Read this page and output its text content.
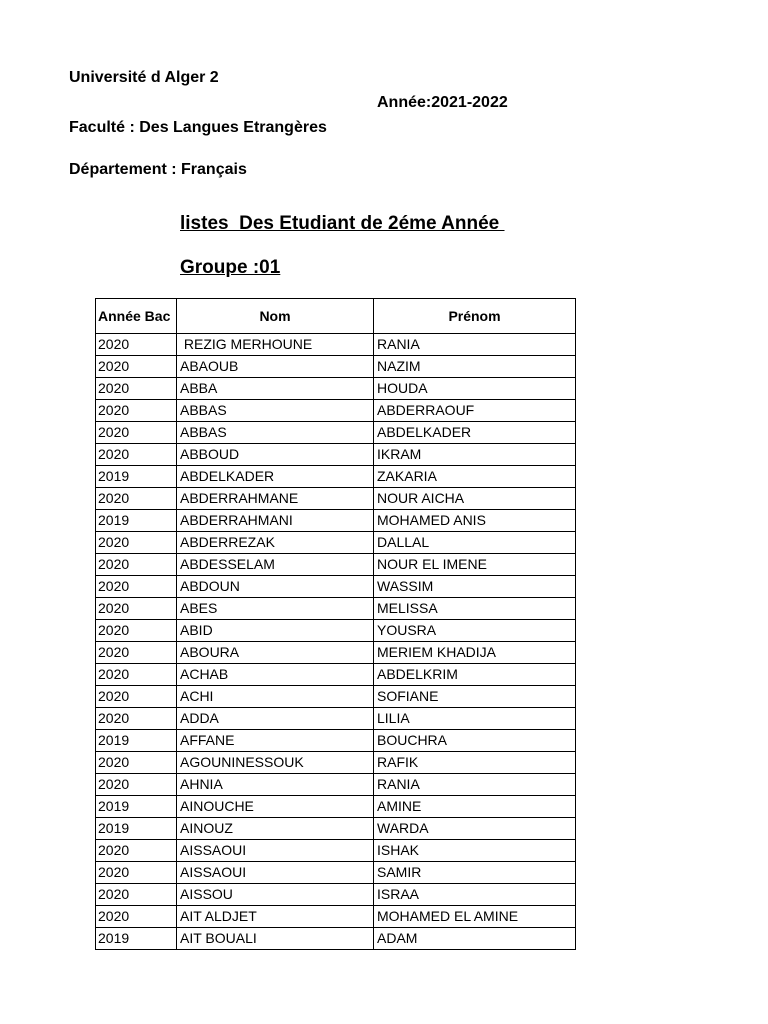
Université d Alger 2
Année:2021-2022
Faculté : Des Langues Etrangères
Département : Français
listes  Des Etudiant de 2éme Année
Groupe :01
Année Bac	Nom	Prénom
2020	REZIG MERHOUNE	RANIA
2020	ABAOUB	NAZIM
2020	ABBA	HOUDA
2020	ABBAS	ABDERRAOUF
2020	ABBAS	ABDELKADER
2020	ABBOUD	IKRAM
2019	ABDELKADER	ZAKARIA
2020	ABDERRAHMANE	NOUR AICHA
2019	ABDERRAHMANI	MOHAMED ANIS
2020	ABDERREZAK	DALLAL
2020	ABDESSELAM	NOUR EL IMENE
2020	ABDOUN	WASSIM
2020	ABES	MELISSA
2020	ABID	YOUSRA
2020	ABOURA	MERIEM KHADIJA
2020	ACHAB	ABDELKRIM
2020	ACHI	SOFIANE
2020	ADDA	LILIA
2019	AFFANE	BOUCHRA
2020	AGOUNINESSOUK	RAFIK
2020	AHNIA	RANIA
2019	AINOUCHE	AMINE
2019	AINOUZ	WARDA
2020	AISSAOUI	ISHAK
2020	AISSAOUI	SAMIR
2020	AISSOU	ISRAA
2020	AIT ALDJET	MOHAMED EL AMINE
2019	AIT BOUALI	ADAM
